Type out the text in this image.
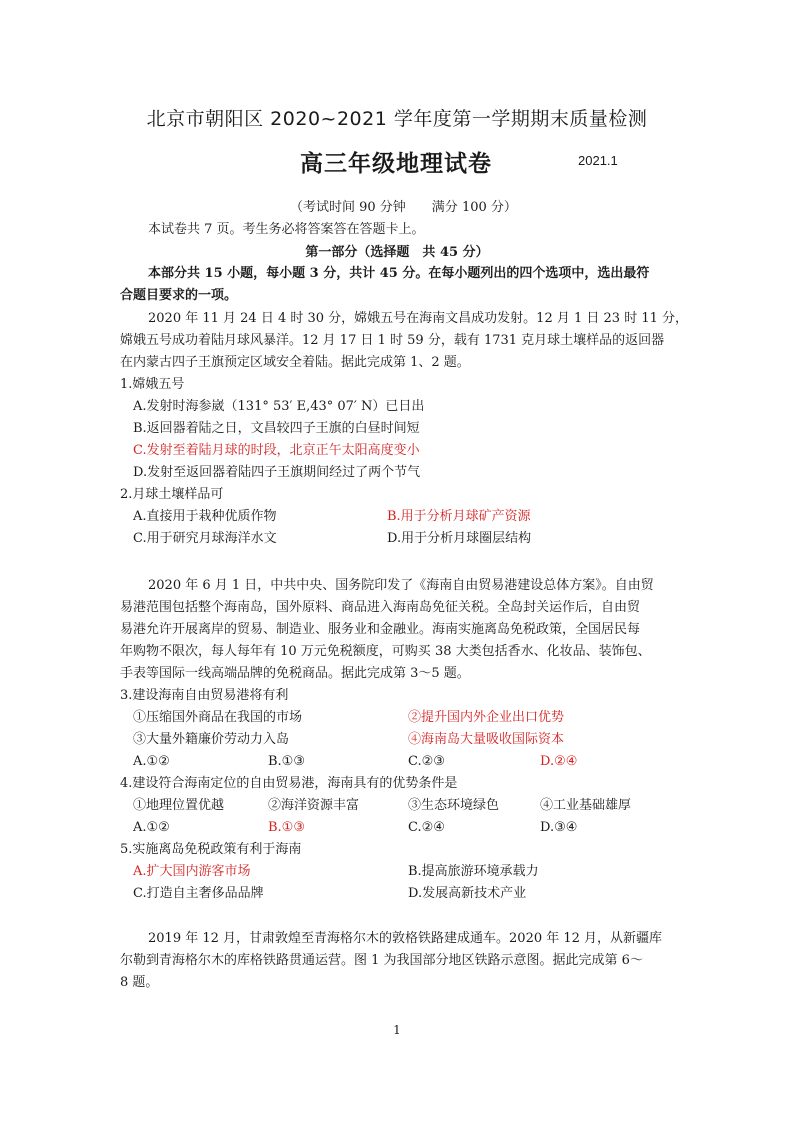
北京市朝阳区 2020~2021 学年度第一学期期末质量检测
高三年级地理试卷	2021.1
（考试时间 90 分钟　　满分 100 分）
本试卷共 7 页。考生务必将答案答在答题卡上。
第一部分（选择题　共 45 分）
本部分共 15 小题，每小题 3 分，共计 45 分。在每小题列出的四个选项中，选出最符
合题目要求的一项。
2020 年 11 月 24 日 4 时 30 分，嫦娥五号在海南文昌成功发射。12 月 1 日 23 时 11 分，
嫦娥五号成功着陆月球风暴洋。12 月 17 日 1 时 59 分，载有 1731 克月球土壤样品的返回器
在内蒙古四子王旗预定区域安全着陆。据此完成第 1、2 题。
1.嫦娥五号
A.发射时海参崴（131° 53′ E,43° 07′ N）已日出
B.返回器着陆之日，文昌较四子王旗的白昼时间短
C.发射至着陆月球的时段，北京正午太阳高度变小
D.发射至返回器着陆四子王旗期间经过了两个节气
2.月球土壤样品可
A.直接用于栽种优质作物	B.用于分析月球矿产资源
C.用于研究月球海洋水文	D.用于分析月球圈层结构
2020 年 6 月 1 日，中共中央、国务院印发了《海南自由贸易港建设总体方案》。自由贸
易港范围包括整个海南岛，国外原料、商品进入海南岛免征关税。全岛封关运作后，自由贸
易港允许开展离岸的贸易、制造业、服务业和金融业。海南实施离岛免税政策，全国居民每
年购物不限次，每人每年有 10 万元免税额度，可购买 38 大类包括香水、化妆品、装饰包、
手表等国际一线高端品牌的免税商品。据此完成第 3～5 题。
3.建设海南自由贸易港将有利
①压缩国外商品在我国的市场	②提升国内外企业出口优势
③大量外籍廉价劳动力入岛	④海南岛大量吸收国际资本
A.①②	B.①③	C.②③	D.②④
4.建设符合海南定位的自由贸易港，海南具有的优势条件是
①地理位置优越	②海洋资源丰富	③生态环境绿色	④工业基础雄厚
A.①②	B.①③	C.②④	D.③④
5.实施离岛免税政策有利于海南
A.扩大国内游客市场	B.提高旅游环境承载力
C.打造自主奢侈品品牌	D.发展高新技术产业
2019 年 12 月，甘肃敦煌至青海格尔木的敦格铁路建成通车。2020 年 12 月，从新疆库
尔勒到青海格尔木的库格铁路贯通运营。图 1 为我国部分地区铁路示意图。据此完成第 6～
8 题。
1
